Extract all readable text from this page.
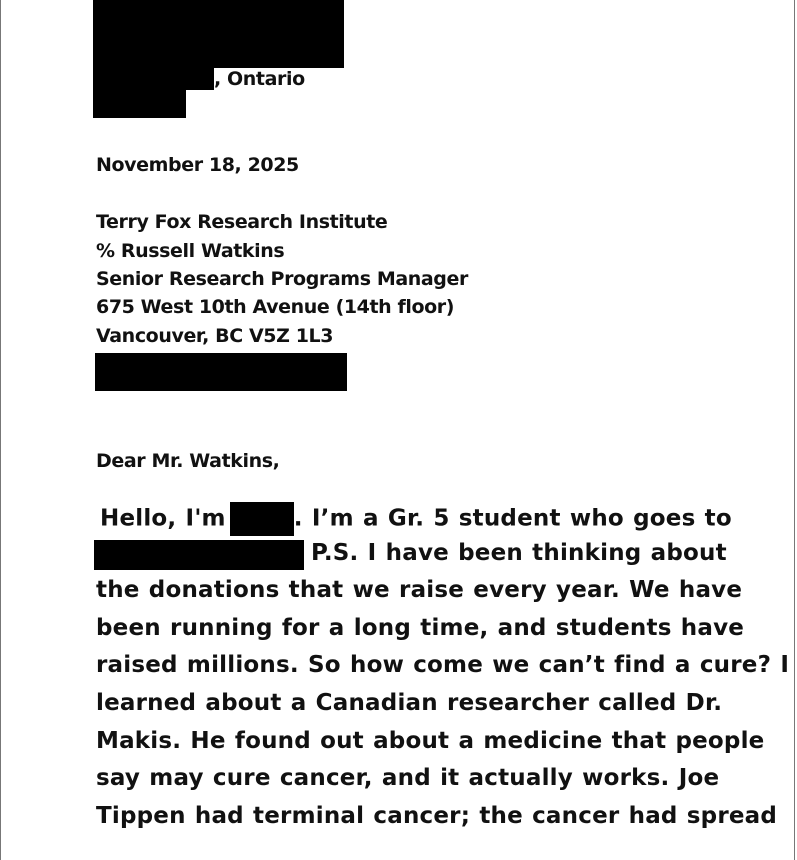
, Ontario
November 18, 2025
Terry Fox Research Institute
% Russell Watkins
Senior Research Programs Manager
675 West 10th Avenue (14th floor)
Vancouver, BC V5Z 1L3
Dear Mr. Watkins,
Hello, I'm	. I’m a Gr. 5 student who goes to
P.S. I have been thinking about
the donations that we raise every year. We have
been running for a long time, and students have
raised millions. So how come we can’t find a cure? I
learned about a Canadian researcher called Dr.
Makis. He found out about a medicine that people
say may cure cancer, and it actually works. Joe
Tippen had terminal cancer; the cancer had spread
